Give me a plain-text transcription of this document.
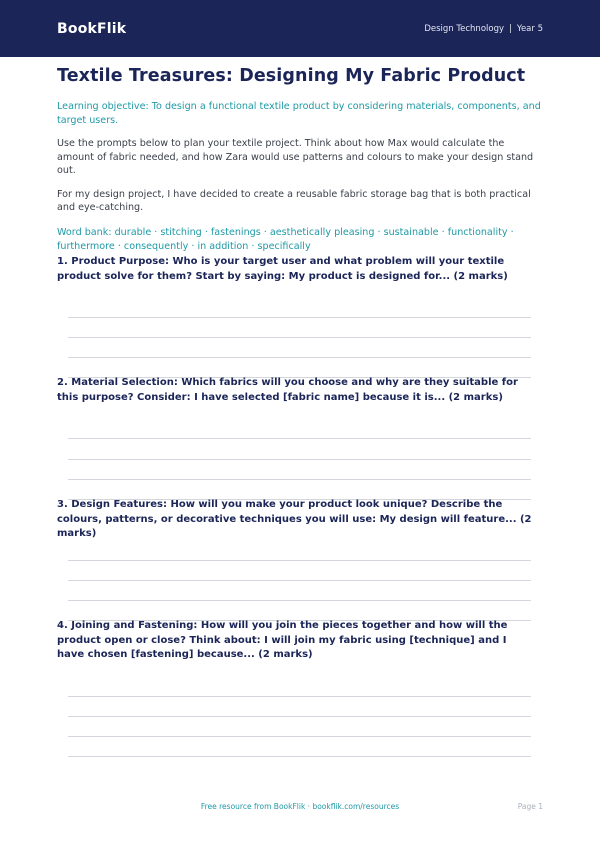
BookFlik	Design Technology | Year 5
Textile Treasures: Designing My Fabric Product

Learning objective: To design a functional textile product by considering materials, components, and target users.

Use the prompts below to plan your textile project. Think about how Max would calculate the amount of fabric needed, and how Zara would use patterns and colours to make your design stand out.

For my design project, I have decided to create a reusable fabric storage bag that is both practical and eye-catching.

Word bank: durable · stitching · fastenings · aesthetically pleasing · sustainable · functionality · furthermore · consequently · in addition · specifically

1. Product Purpose: Who is your target user and what problem will your textile product solve for them? Start by saying: My product is designed for... (2 marks)
2. Material Selection: Which fabrics will you choose and why are they suitable for this purpose? Consider: I have selected [fabric name] because it is... (2 marks)
3. Design Features: How will you make your product look unique? Describe the colours, patterns, or decorative techniques you will use: My design will feature... (2 marks)
4. Joining and Fastening: How will you join the pieces together and how will the product open or close? Think about: I will join my fabric using [technique] and I have chosen [fastening] because... (2 marks)
Free resource from BookFlik · bookflik.com/resources	Page 1
